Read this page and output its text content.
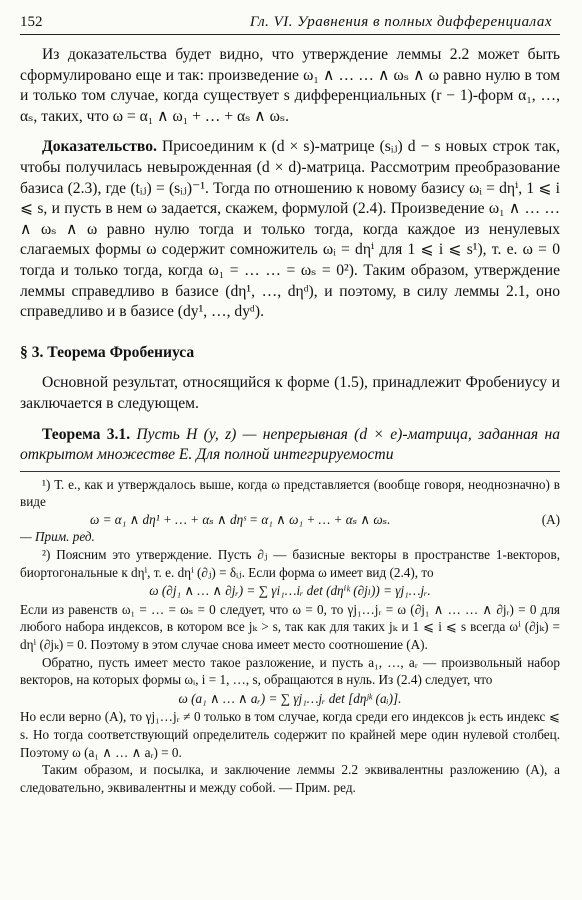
152	Гл. VI. Уравнения в полных дифференциалах

Из доказательства будет видно, что утверждение леммы 2.2 может быть сформулировано еще и так: произведение ω₁ ∧ … … ∧ ωₛ ∧ ω равно нулю в том и только том случае, когда существует s дифференциальных (r − 1)-форм α₁, …, αₛ, таких, что ω = α₁ ∧ ω₁ + … + αₛ ∧ ωₛ.

Доказательство. Присоединим к (d × s)-матрице (sᵢⱼ) d − s новых строк так, чтобы получилась невырожденная (d × d)-матрица. Рассмотрим преобразование базиса (2.3), где (tᵢⱼ) = (sᵢⱼ)⁻¹. Тогда по отношению к новому базису ωᵢ = dηⁱ, 1 ⩽ i ⩽ s, и пусть в нем ω задается, скажем, формулой (2.4). Произведение ω₁ ∧ … … ∧ ωₛ ∧ ω равно нулю тогда и только тогда, когда каждое из ненулевых слагаемых формы ω содержит сомножитель ωᵢ = dηⁱ для 1 ⩽ i ⩽ s¹), т. е. ω = 0 тогда и только тогда, когда ω₁ = … … = ωₛ = 0²). Таким образом, утверждение леммы справедливо в базисе (dη¹, …, dηᵈ), и поэтому, в силу леммы 2.1, оно справедливо и в базисе (dy¹, …, dyᵈ).

§ 3. Теорема Фробениуса

Основной результат, относящийся к форме (1.5), принадлежит Фробениусу и заключается в следующем.

Теорема 3.1. Пусть H (y, z) — непрерывная (d × e)-матрица, заданная на открытом множестве E. Для полной интегрируемости

¹) Т. е., как и утверждалось выше, когда ω представляется (вообще говоря, неоднозначно) в виде

ω = α₁ ∧ dη¹ + … + αₛ ∧ dηˢ = α₁ ∧ ω₁ + … + αₛ ∧ ωₛ.	(А)

— Прим. ред.

²) Поясним это утверждение. Пусть ∂ⱼ — базисные векторы в пространстве 1-векторов, биортогональные к dηⁱ, т. е. dηⁱ (∂ⱼ) = δᵢⱼ. Если форма ω имеет вид (2.4), то

ω (∂j₁ ∧ … ∧ ∂jᵣ) = ∑ γi₁…iᵣ det (dηⁱᵏ (∂jₗ)) = γj₁…jᵣ.

Если из равенств ω₁ = … = ωₛ = 0 следует, что ω = 0, то γj₁…jᵣ = ω (∂j₁ ∧ … … ∧ ∂jᵣ) = 0 для любого набора индексов, в котором все jₖ > s, так как для таких jₖ и 1 ⩽ i ⩽ s всегда ωⁱ (∂jₖ) = dηⁱ (∂jₖ) = 0. Поэтому в этом случае снова имеет место соотношение (А).

Обратно, пусть имеет место такое разложение, и пусть a₁, …, aᵣ — произвольный набор векторов, на которых формы ωᵢ, i = 1, …, s, обращаются в нуль. Из (2.4) следует, что

ω (a₁ ∧ … ∧ aᵣ) = ∑ γj₁…jᵣ det [dηʲᵏ (aᵢ)].

Но если верно (А), то γj₁…jᵣ ≠ 0 только в том случае, когда среди его индексов jₖ есть индекс ⩽ s. Но тогда соответствующий определитель содержит по крайней мере один нулевой столбец. Поэтому ω (a₁ ∧ … ∧ aᵣ) = 0.

Таким образом, и посылка, и заключение леммы 2.2 эквивалентны разложению (А), а следовательно, эквивалентны и между собой. — Прим. ред.
